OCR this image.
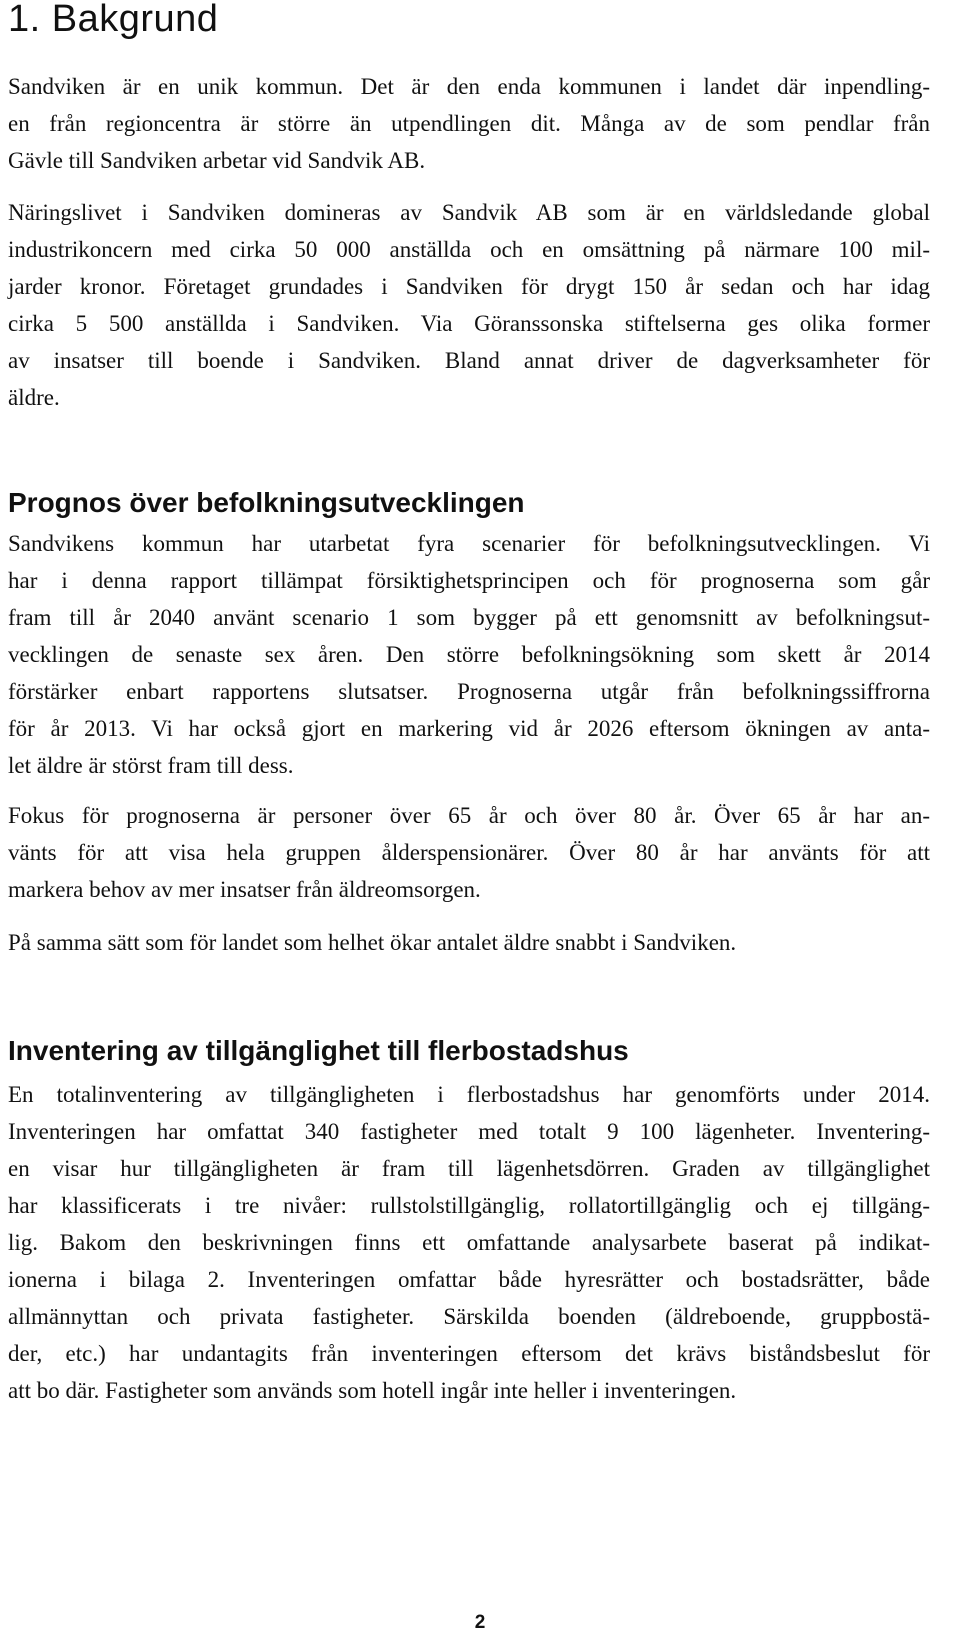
1. Bakgrund

Sandviken är en unik kommun. Det är den enda kommunen i landet där inpendling-
en från regioncentra är större än utpendlingen dit. Många av de som pendlar från
Gävle till Sandviken arbetar vid Sandvik AB.

Näringslivet i Sandviken domineras av Sandvik AB som är en världsledande global
industrikoncern med cirka 50 000 anställda och en omsättning på närmare 100 mil-
jarder kronor. Företaget grundades i Sandviken för drygt 150 år sedan och har idag
cirka 5 500 anställda i Sandviken. Via Göranssonska stiftelserna ges olika former
av insatser till boende i Sandviken. Bland annat driver de dagverksamheter för
äldre.

Prognos över befolkningsutvecklingen

Sandvikens kommun har utarbetat fyra scenarier för befolkningsutvecklingen. Vi
har i denna rapport tillämpat försiktighetsprincipen och för prognoserna som går
fram till år 2040 använt scenario 1 som bygger på ett genomsnitt av befolkningsut-
vecklingen de senaste sex åren. Den större befolkningsökning som skett år 2014
förstärker enbart rapportens slutsatser. Prognoserna utgår från befolkningssiffrorna
för år 2013. Vi har också gjort en markering vid år 2026 eftersom ökningen av anta-
let äldre är störst fram till dess.

Fokus för prognoserna är personer över 65 år och över 80 år. Över 65 år har an-
vänts för att visa hela gruppen ålderspensionärer. Över 80 år har använts för att
markera behov av mer insatser från äldreomsorgen.

På samma sätt som för landet som helhet ökar antalet äldre snabbt i Sandviken.

Inventering av tillgänglighet till flerbostadshus

En totalinventering av tillgängligheten i flerbostadshus har genomförts under 2014.
Inventeringen har omfattat 340 fastigheter med totalt 9 100 lägenheter. Inventering-
en visar hur tillgängligheten är fram till lägenhetsdörren. Graden av tillgänglighet
har klassificerats i tre nivåer: rullstolstillgänglig, rollatortillgänglig och ej tillgäng-
lig. Bakom den beskrivningen finns ett omfattande analysarbete baserat på indikat-
ionerna i bilaga 2. Inventeringen omfattar både hyresrätter och bostadsrätter, både
allmännyttan och privata fastigheter. Särskilda boenden (äldreboende, gruppbostä-
der, etc.) har undantagits från inventeringen eftersom det krävs biståndsbeslut för
att bo där. Fastigheter som används som hotell ingår inte heller i inventeringen.

2
